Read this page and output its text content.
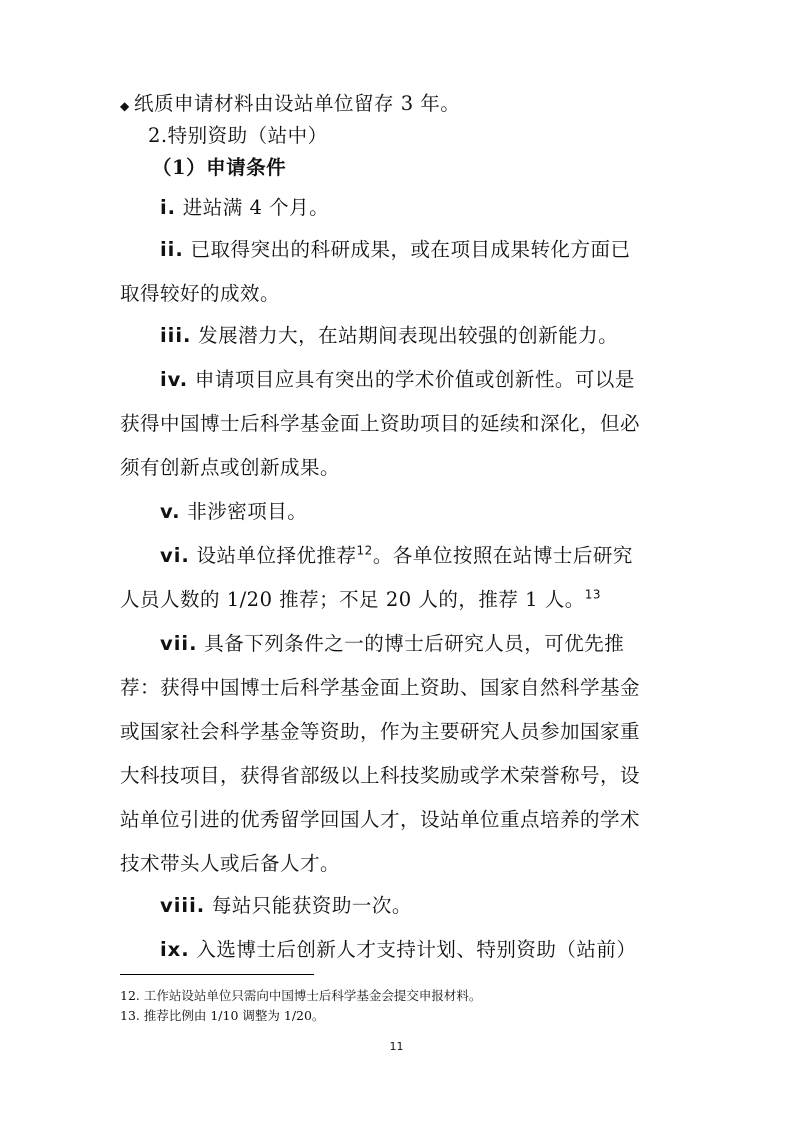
◆ 纸质申请材料由设站单位留存 3 年。
2.特别资助（站中）
（1）申请条件
i. 进站满 4 个月。
ii. 已取得突出的科研成果，或在项目成果转化方面已
取得较好的成效。
iii. 发展潜力大，在站期间表现出较强的创新能力。
iv. 申请项目应具有突出的学术价值或创新性。可以是
获得中国博士后科学基金面上资助项目的延续和深化，但必
须有创新点或创新成果。
v. 非涉密项目。
vi. 设站单位择优推荐$^{12}$。各单位按照在站博士后研究
人员人数的 1/20 推荐；不足 20 人的，推荐 1 人。$^{13}$
vii. 具备下列条件之一的博士后研究人员，可优先推
荐：获得中国博士后科学基金面上资助、国家自然科学基金
或国家社会科学基金等资助，作为主要研究人员参加国家重
大科技项目，获得省部级以上科技奖励或学术荣誉称号，设
站单位引进的优秀留学回国人才，设站单位重点培养的学术
技术带头人或后备人才。
viii. 每站只能获资助一次。
ix. 入选博士后创新人才支持计划、特别资助（站前）
12. 工作站设站单位只需向中国博士后科学基金会提交申报材料。
13. 推荐比例由 1/10 调整为 1/20。
11
